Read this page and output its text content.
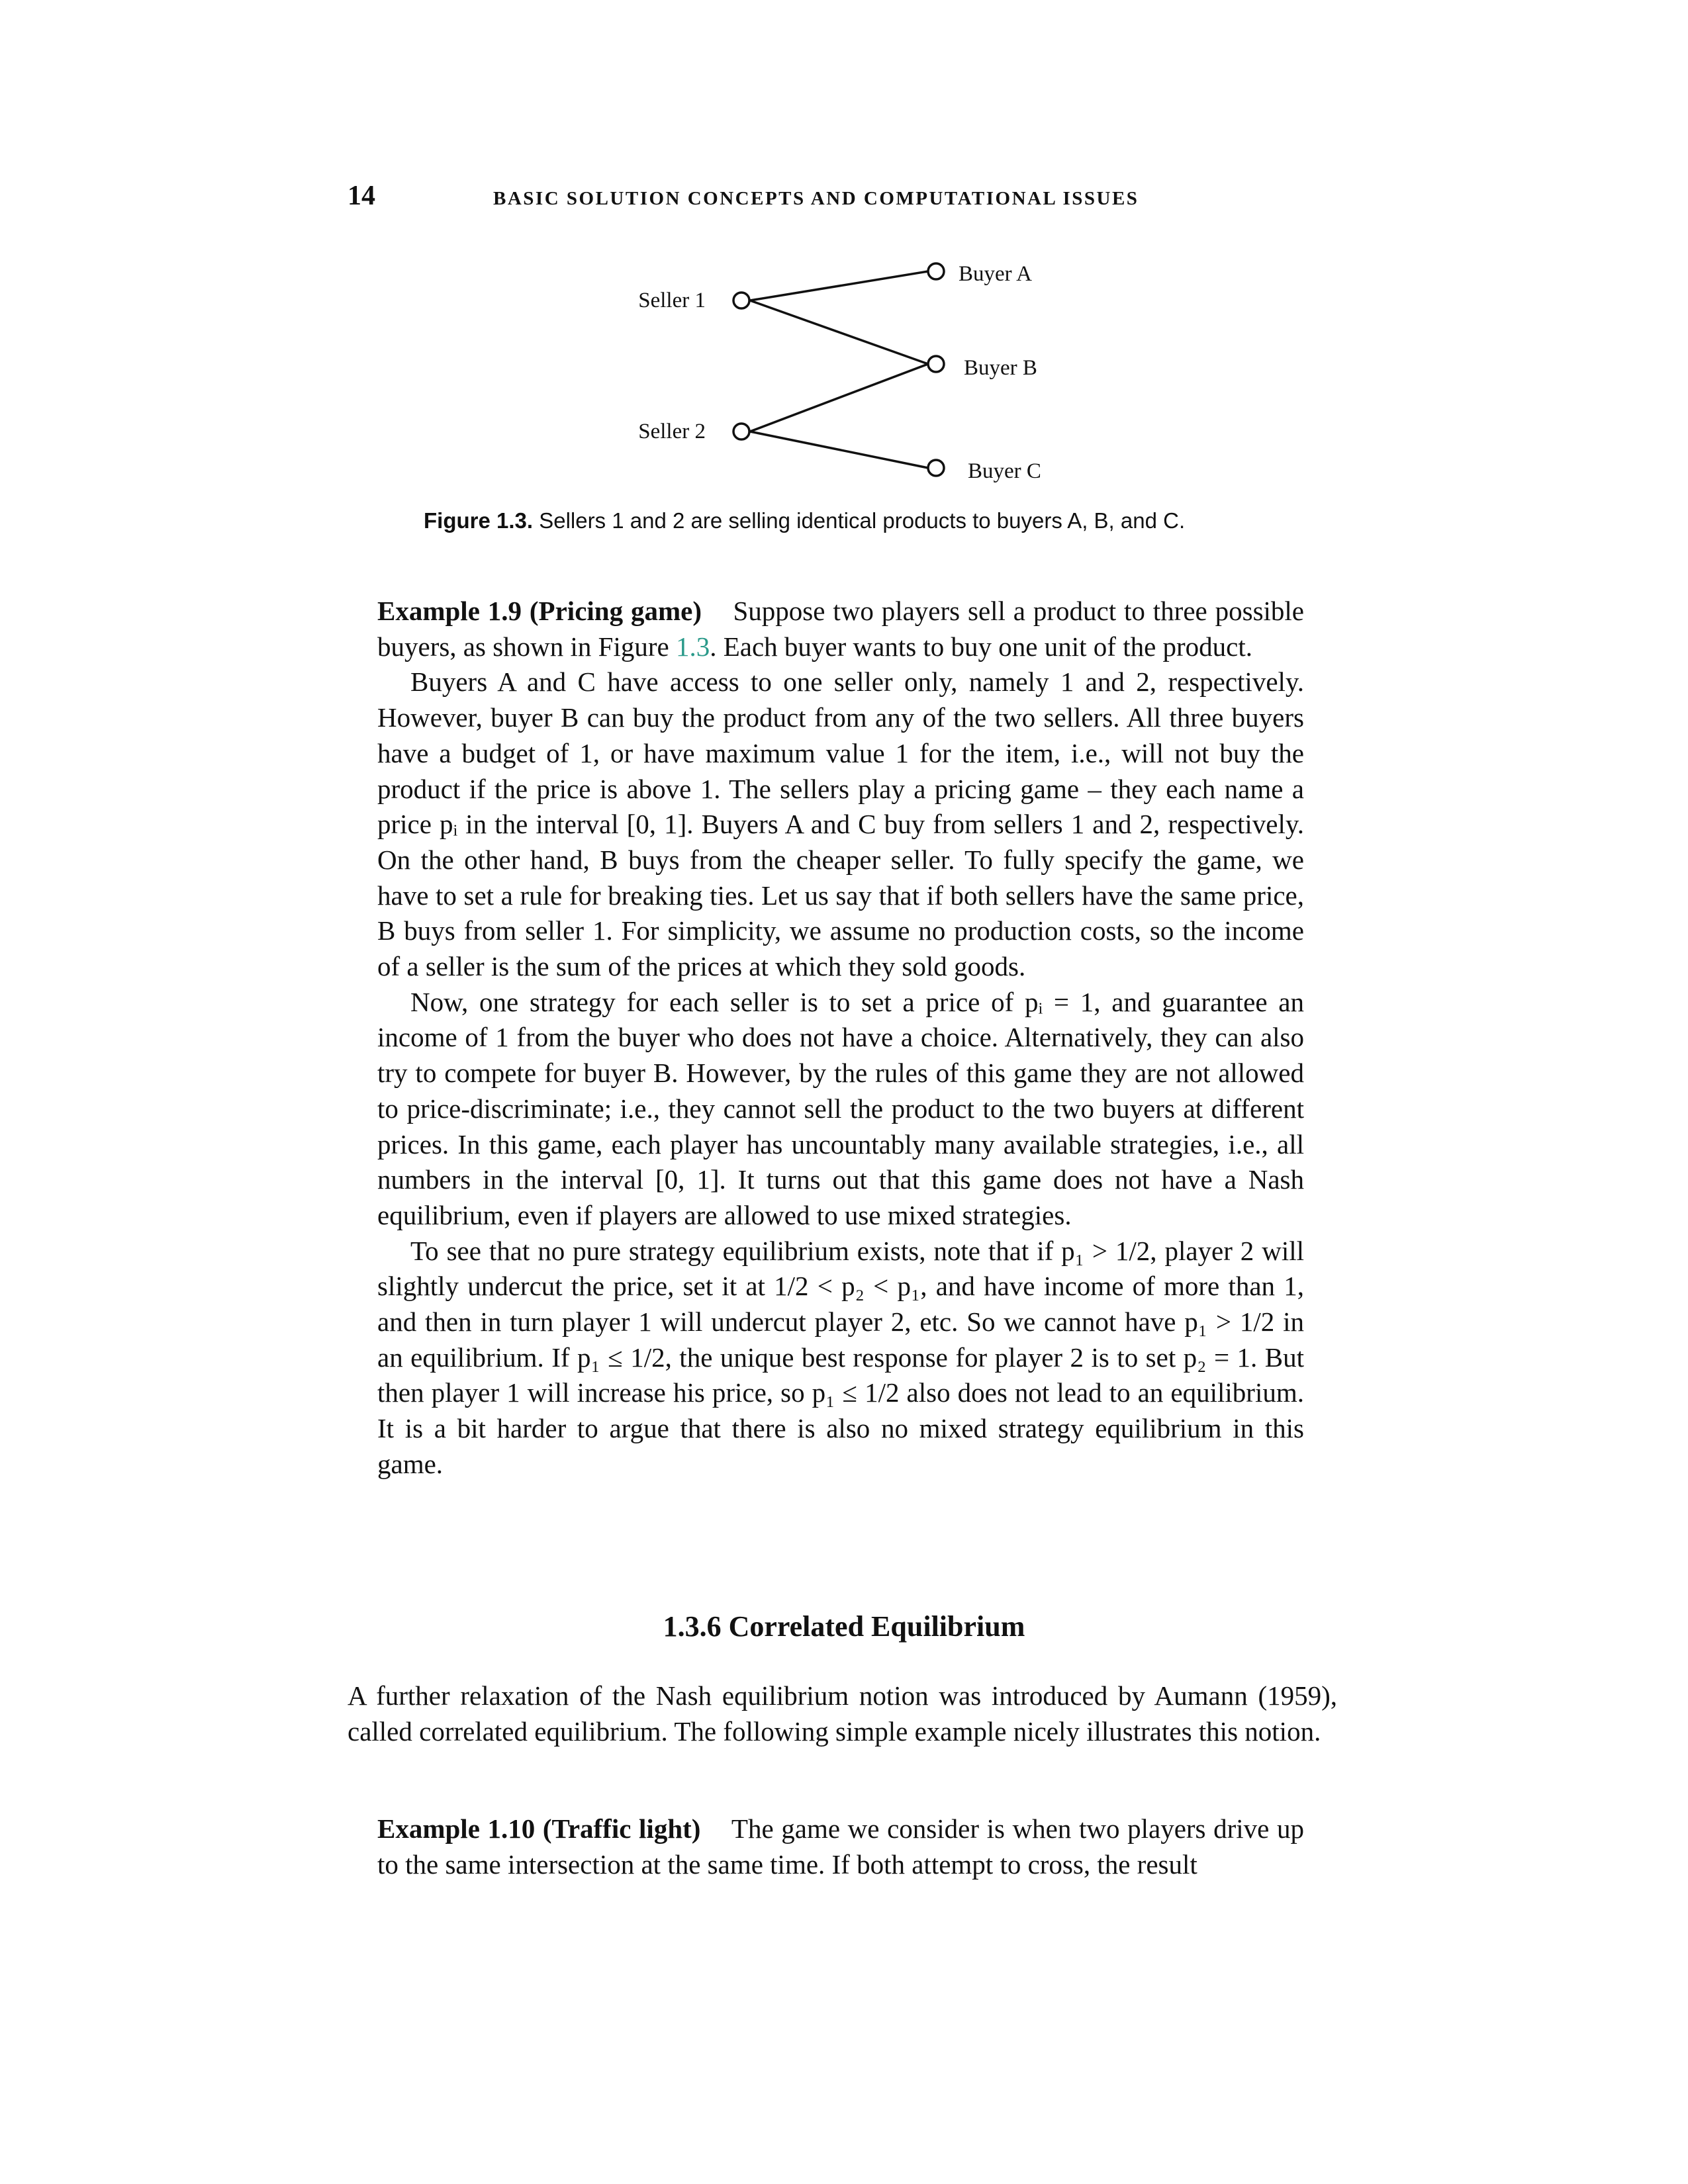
14	BASIC SOLUTION CONCEPTS AND COMPUTATIONAL ISSUES
Seller 1
Seller 2
Buyer A
Buyer B
Buyer C
Figure 1.3. Sellers 1 and 2 are selling identical products to buyers A, B, and C.

Example 1.9 (Pricing game) Suppose two players sell a product to three possible buyers, as shown in Figure 1.3. Each buyer wants to buy one unit of the product.

Buyers A and C have access to one seller only, namely 1 and 2, respectively. However, buyer B can buy the product from any of the two sellers. All three buyers have a budget of 1, or have maximum value 1 for the item, i.e., will not buy the product if the price is above 1. The sellers play a pricing game – they each name a price pᵢ in the interval [0, 1]. Buyers A and C buy from sellers 1 and 2, respectively. On the other hand, B buys from the cheaper seller. To fully specify the game, we have to set a rule for breaking ties. Let us say that if both sellers have the same price, B buys from seller 1. For simplicity, we assume no production costs, so the income of a seller is the sum of the prices at which they sold goods.

Now, one strategy for each seller is to set a price of pᵢ = 1, and guarantee an income of 1 from the buyer who does not have a choice. Alternatively, they can also try to compete for buyer B. However, by the rules of this game they are not allowed to price-discriminate; i.e., they cannot sell the product to the two buyers at different prices. In this game, each player has uncountably many available strategies, i.e., all numbers in the interval [0, 1]. It turns out that this game does not have a Nash equilibrium, even if players are allowed to use mixed strategies.

To see that no pure strategy equilibrium exists, note that if p₁ > 1/2, player 2 will slightly undercut the price, set it at 1/2 < p₂ < p₁, and have income of more than 1, and then in turn player 1 will undercut player 2, etc. So we cannot have p₁ > 1/2 in an equilibrium. If p₁ ≤ 1/2, the unique best response for player 2 is to set p₂ = 1. But then player 1 will increase his price, so p₁ ≤ 1/2 also does not lead to an equilibrium. It is a bit harder to argue that there is also no mixed strategy equilibrium in this game.

1.3.6 Correlated Equilibrium

A further relaxation of the Nash equilibrium notion was introduced by Aumann (1959), called correlated equilibrium. The following simple example nicely illustrates this notion.

Example 1.10 (Traffic light) The game we consider is when two players drive up to the same intersection at the same time. If both attempt to cross, the result
